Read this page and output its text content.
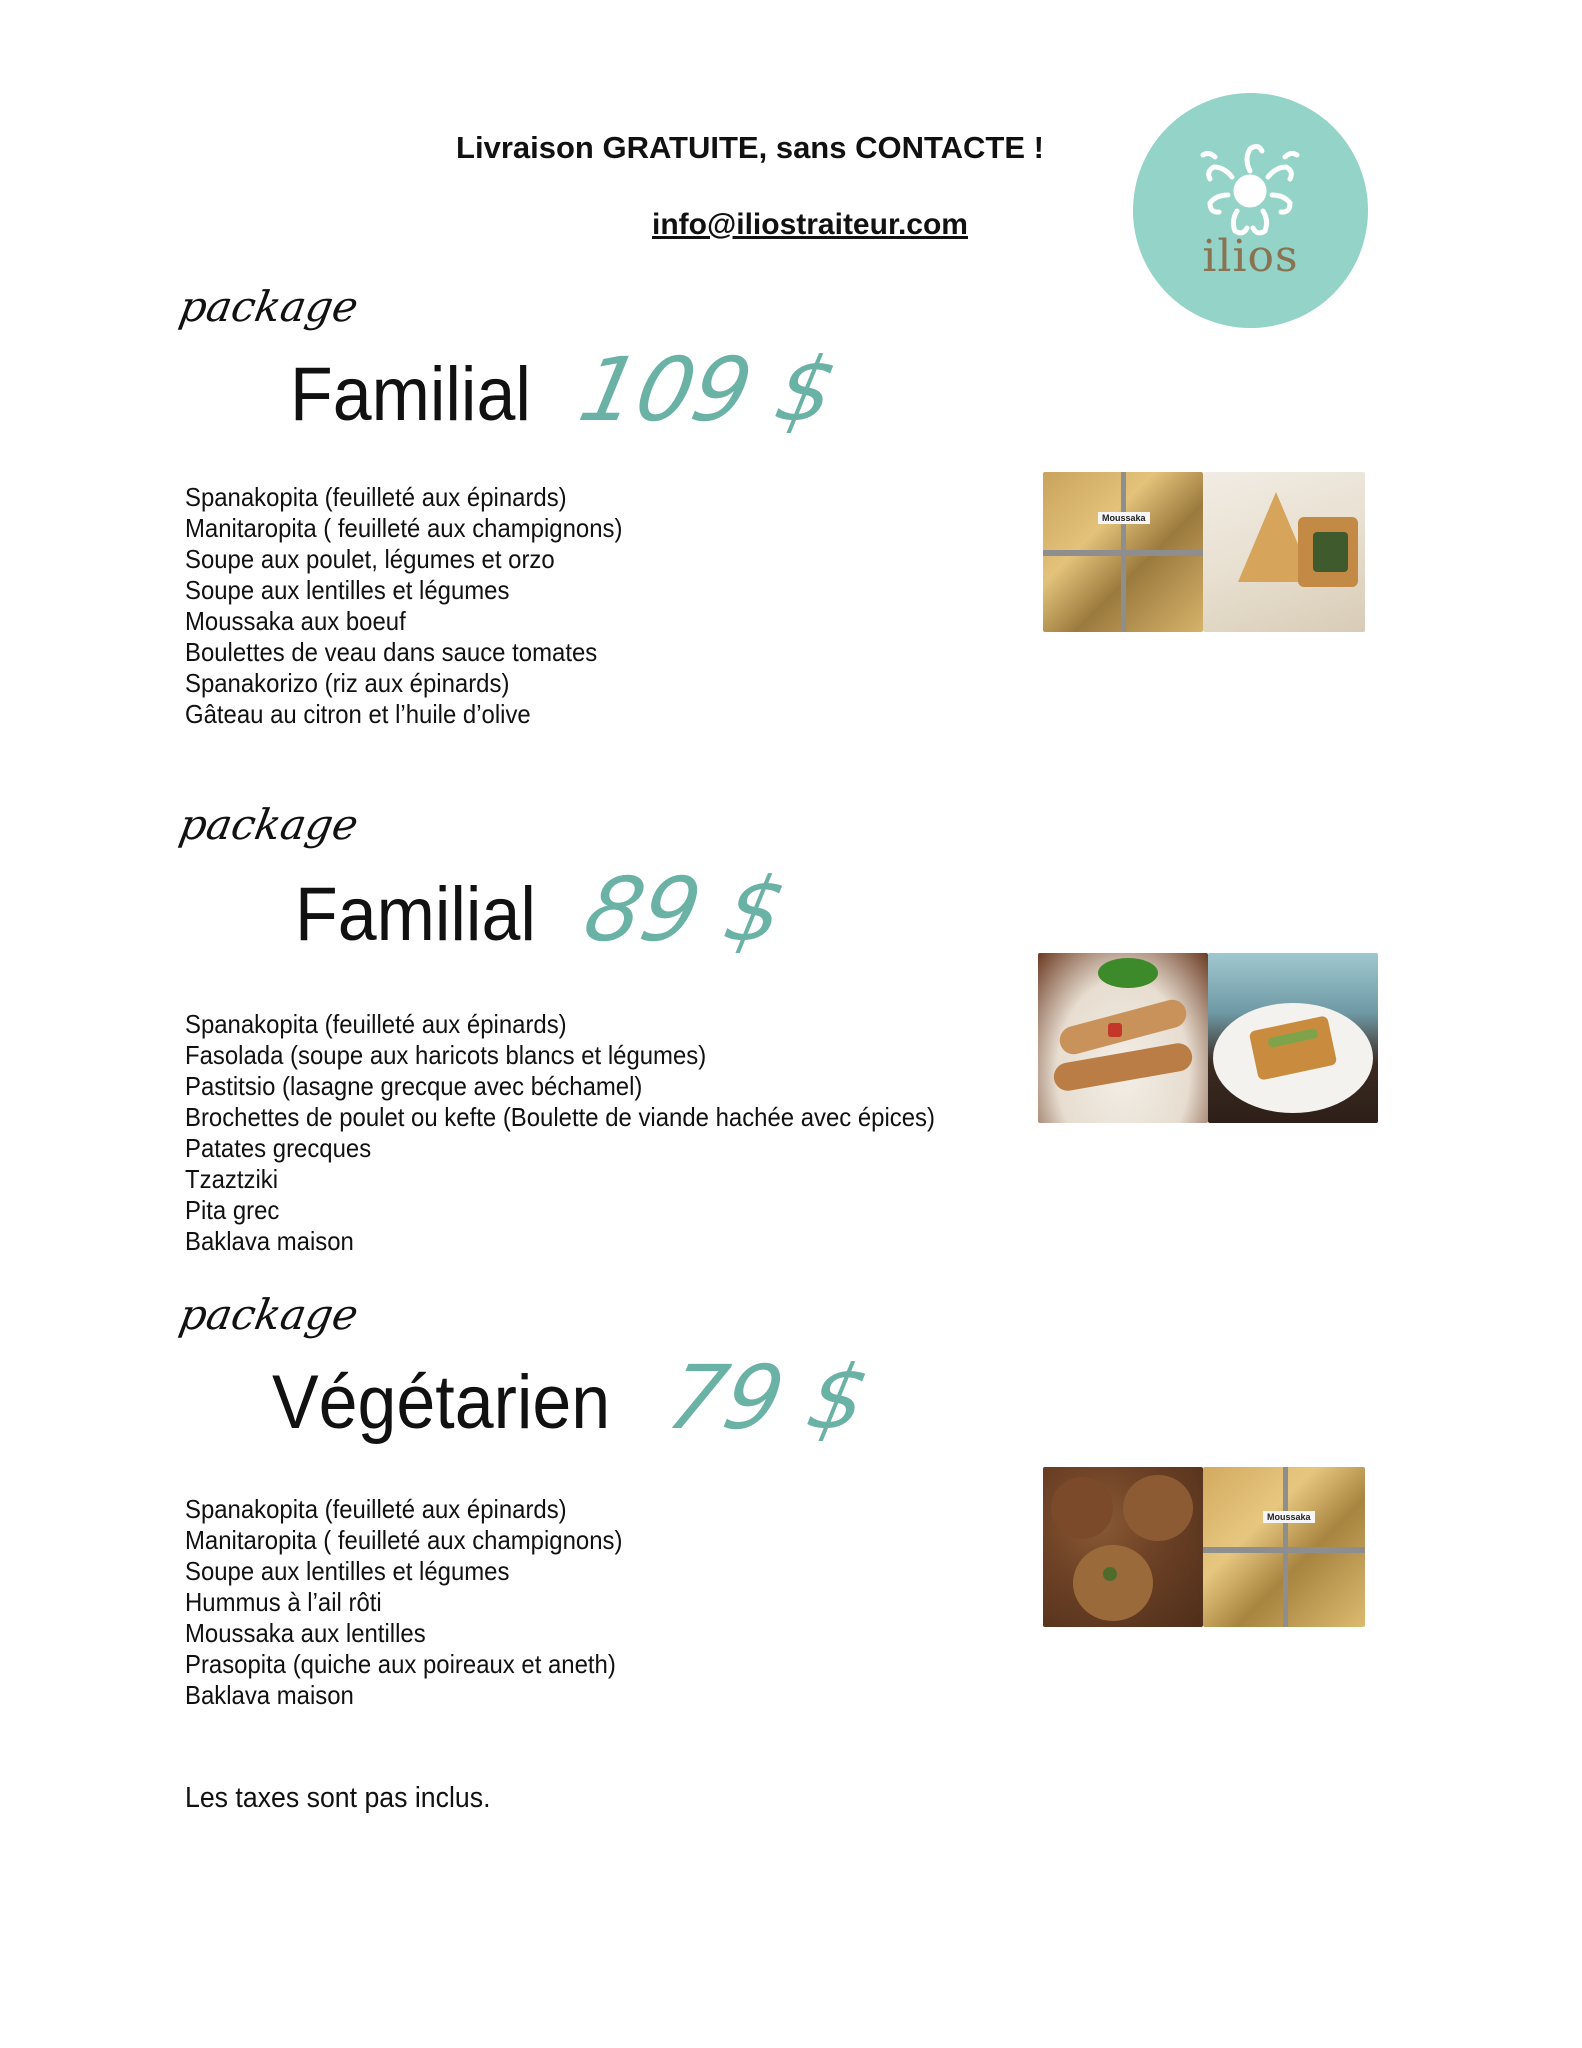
Livraison GRATUITE, sans CONTACTE !
info@iliostraiteur.com
ilios
package
Familial 109 $
Spanakopita (feuilleté aux épinards)
Manitaropita ( feuilleté aux champignons)
Soupe aux poulet, légumes et orzo
Soupe aux lentilles et légumes
Moussaka aux boeuf
Boulettes de veau dans sauce tomates
Spanakorizo (riz aux épinards)
Gâteau au citron et l’huile d’olive
Moussaka
package
Familial 89 $
Spanakopita (feuilleté aux épinards)
Fasolada (soupe aux haricots blancs et légumes)
Pastitsio (lasagne grecque avec béchamel)
Brochettes de poulet ou kefte (Boulette de viande hachée avec épices)
Patates grecques
Tzaztziki
Pita grec
Baklava maison
package
Végétarien 79 $
Spanakopita (feuilleté aux épinards)
Manitaropita ( feuilleté aux champignons)
Soupe aux lentilles et légumes
Hummus à l’ail rôti
Moussaka aux lentilles
Prasopita (quiche aux poireaux et aneth)
Baklava maison
Moussaka
Les taxes sont pas inclus.
